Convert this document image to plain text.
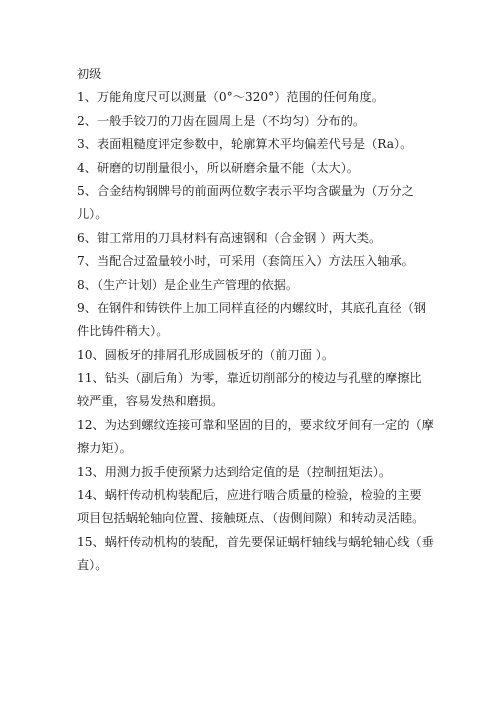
初级
1、万能角度尺可以测量（0°～320°）范围的任何角度。
2、一般手铰刀的刀齿在圆周上是（不均匀）分布的。
3、表面粗糙度评定参数中，轮廓算术平均偏差代号是（Ra）。
4、研磨的切削量很小，所以研磨余量不能（太大）。
5、合金结构钢牌号的前面两位数字表示平均含碳量为（万分之
儿）。
6、钳工常用的刀具材料有高速钢和（合金钢 ）两大类。
7、当配合过盈量较小时，可采用（套筒压入）方法压入轴承。
8、（生产计划）是企业生产管理的依据。
9、在钢件和铸铁件上加工同样直径的内螺纹时，其底孔直径（钢
件比铸件稍大）。
10、圆板牙的排屑孔形成圆板牙的（前刀面 ）。
11、钻头（副后角）为零，靠近切削部分的棱边与孔壁的摩擦比
较严重，容易发热和磨损。
12、为达到螺纹连接可靠和坚固的目的，要求纹牙间有一定的（摩
擦力矩）。
13、用测力扳手使预紧力达到给定值的是（控制扭矩法）。
14、蜗杆传动机构装配后，应进行啮合质量的检验，检验的主要
项目包括蜗轮轴向位置、接触斑点、（齿侧间隙）和转动灵活睦。
15、蜗杆传动机构的装配，首先要保证蜗杆轴线与蜗轮轴心线（垂
直）。
